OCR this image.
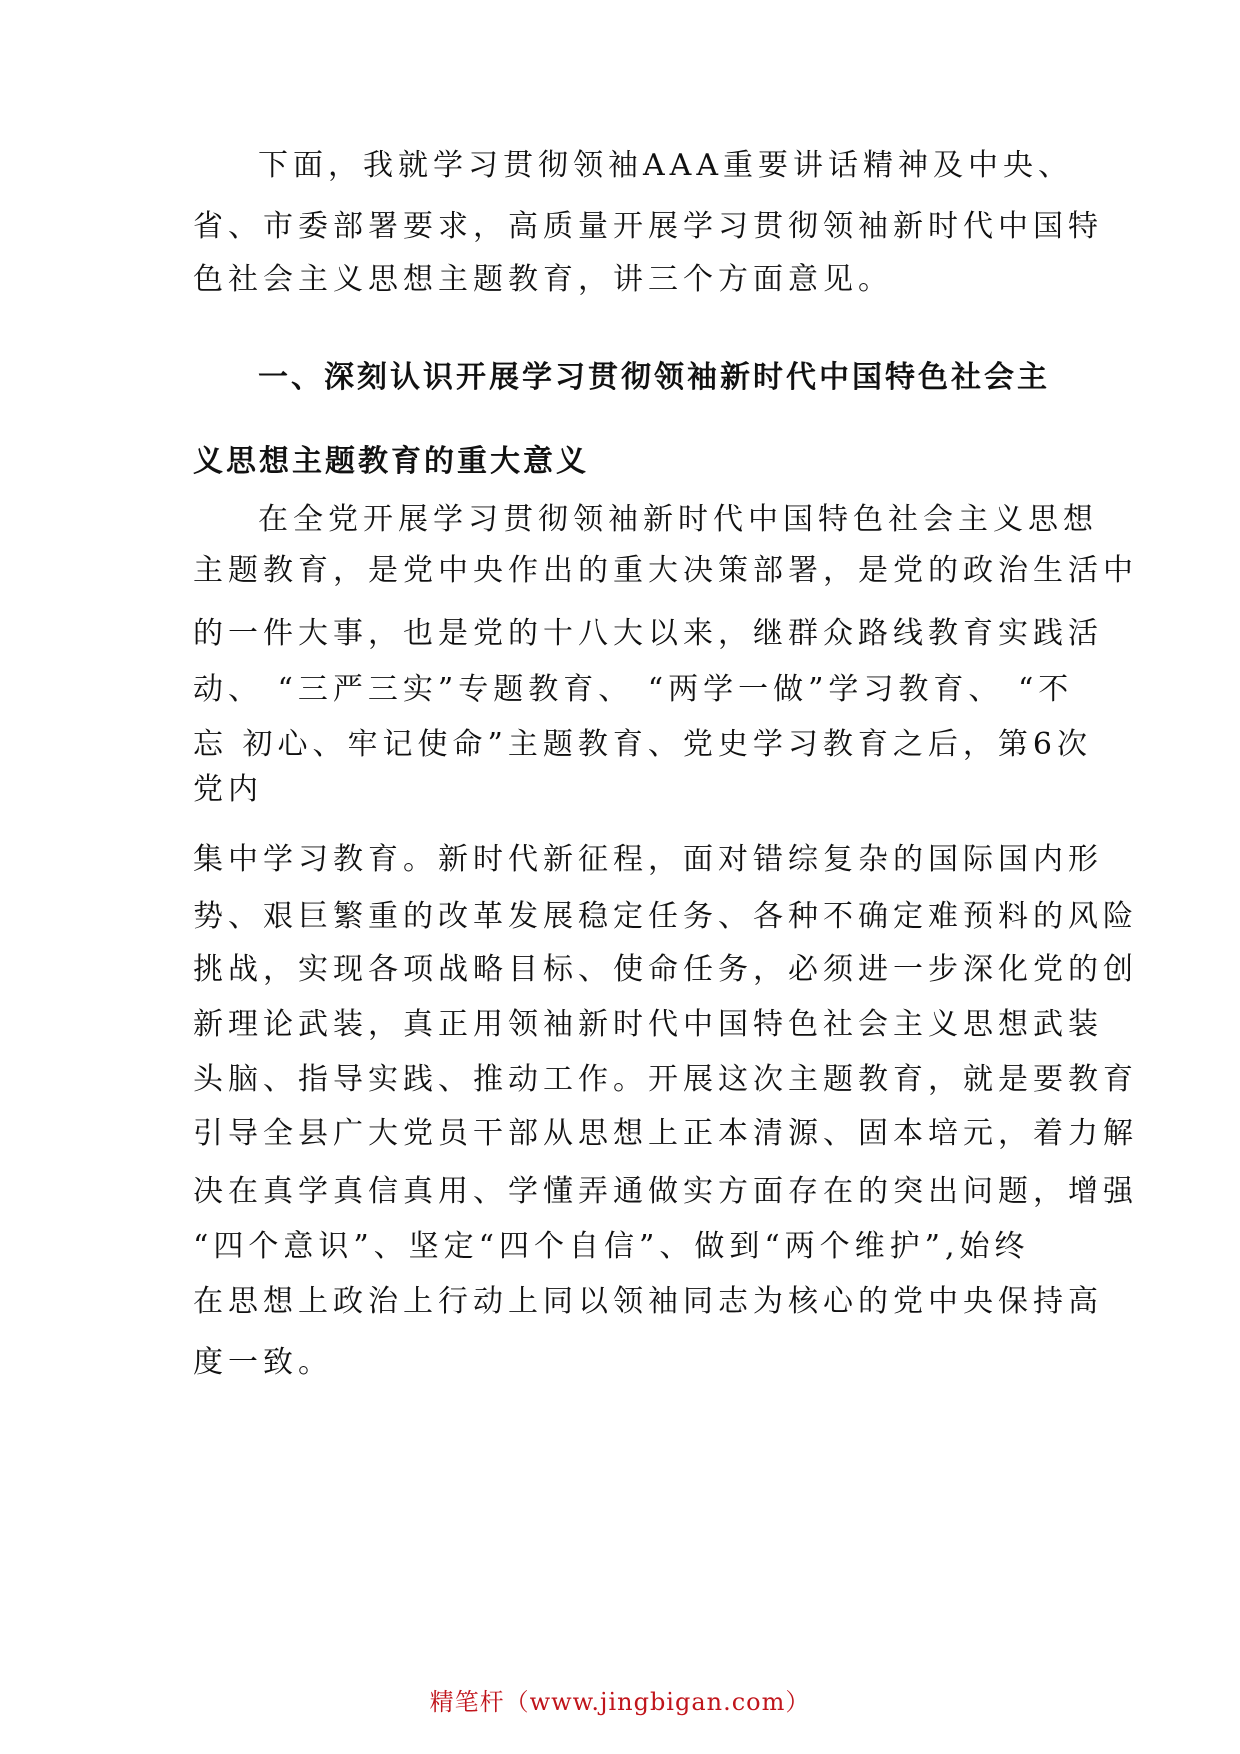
下面，我就学习贯彻领袖AAA重要讲话精神及中央、
省、市委部署要求，高质量开展学习贯彻领袖新时代中国特
色社会主义思想主题教育，讲三个方面意见。
一、深刻认识开展学习贯彻领袖新时代中国特色社会主
义思想主题教育的重大意义
在全党开展学习贯彻领袖新时代中国特色社会主义思想
主题教育，是党中央作出的重大决策部署，是党的政治生活中
的一件大事，也是党的十八大以来，继群众路线教育实践活
动、 “三严三实”专题教育、 “两学一做”学习教育、 “不
忘 初心、牢记使命”主题教育、党史学习教育之后，第6次
党内
集中学习教育。新时代新征程，面对错综复杂的国际国内形
势、艰巨繁重的改革发展稳定任务、各种不确定难预料的风险
挑战，实现各项战略目标、使命任务，必须进一步深化党的创
新理论武装，真正用领袖新时代中国特色社会主义思想武装
头脑、指导实践、推动工作。开展这次主题教育，就是要教育
引导全县广大党员干部从思想上正本清源、固本培元，着力解
决在真学真信真用、学懂弄通做实方面存在的突出问题，增强
“四个意识”、坚定“四个自信”、做到“两个维护”,始终
在思想上政治上行动上同以领袖同志为核心的党中央保持高
度一致。
精笔杆（www.jingbigan.com）
